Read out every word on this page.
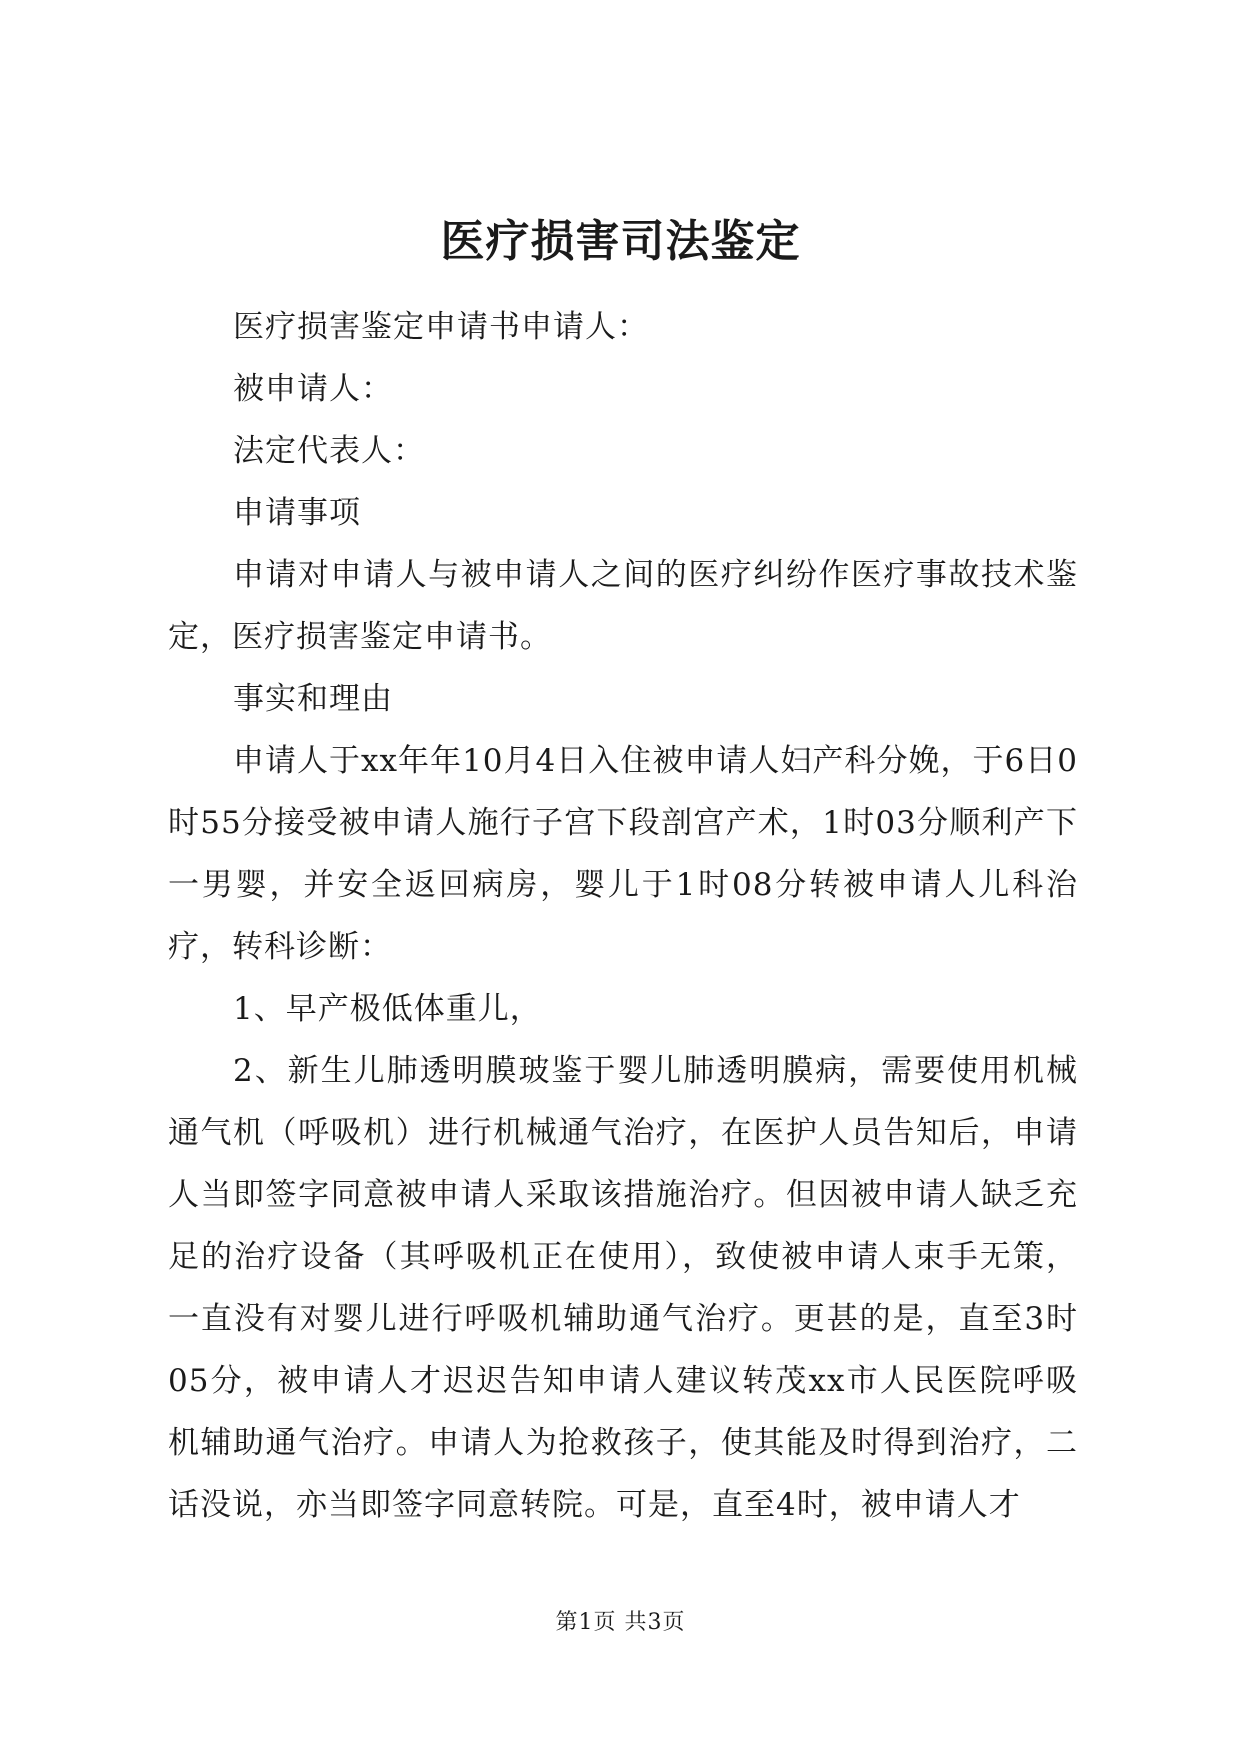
医疗损害司法鉴定

医疗损害鉴定申请书申请人：

被申请人：

法定代表人：

申请事项

申请对申请人与被申请人之间的医疗纠纷作医疗事故技术鉴定，医疗损害鉴定申请书。

事实和理由

申请人于xx年年10月4日入住被申请人妇产科分娩，于6日0时55分接受被申请人施行子宫下段剖宫产术，1时03分顺利产下一男婴，并安全返回病房，婴儿于1时08分转被申请人儿科治疗，转科诊断：

1、早产极低体重儿，

2、新生儿肺透明膜玻鉴于婴儿肺透明膜病，需要使用机械通气机（呼吸机）进行机械通气治疗，在医护人员告知后，申请人当即签字同意被申请人采取该措施治疗。但因被申请人缺乏充足的治疗设备（其呼吸机正在使用），致使被申请人束手无策，一直没有对婴儿进行呼吸机辅助通气治疗。更甚的是，直至3时05分，被申请人才迟迟告知申请人建议转茂xx市人民医院呼吸机辅助通气治疗。申请人为抢救孩子，使其能及时得到治疗，二话没说，亦当即签字同意转院。可是，直至4时，被申请人才

第1页 共3页
